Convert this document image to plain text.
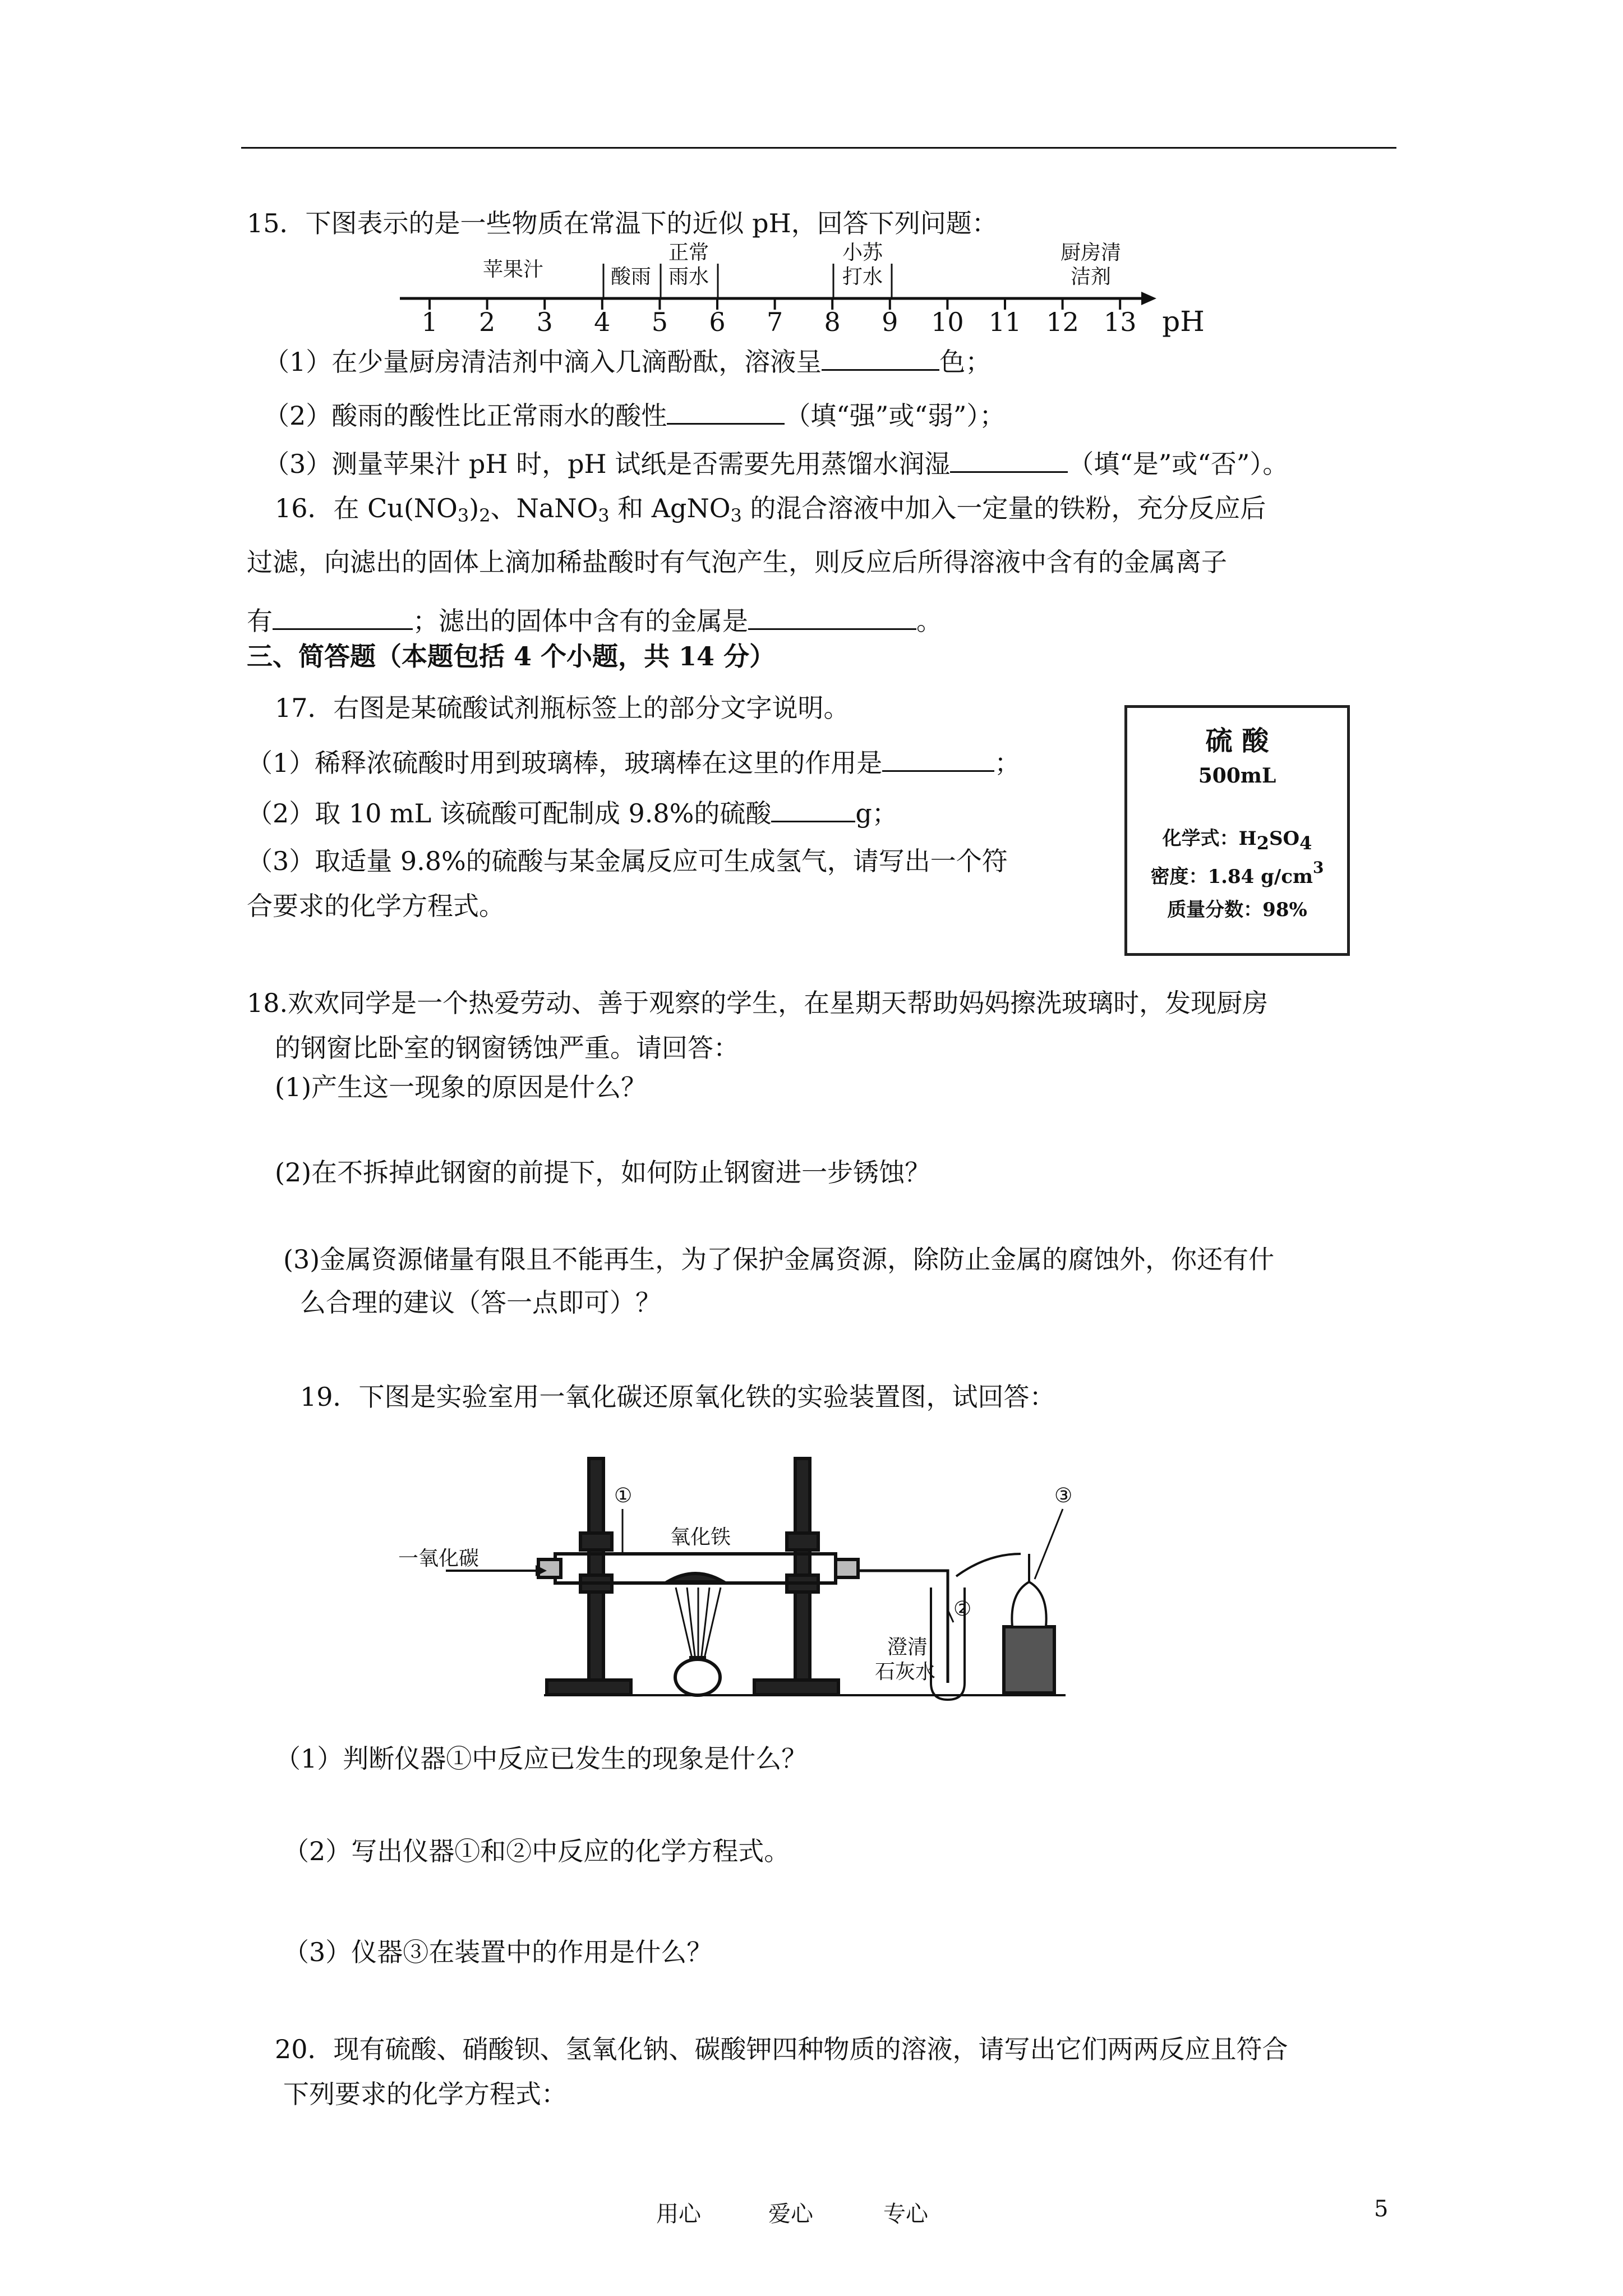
15．下图表示的是一些物质在常温下的近似 pH，回答下列问题：
苹果汁	酸雨
正常
雨水
小苏
打水
厨房清
洁剂
1 2 3 4 5 6 7 8 9 10 11 12 13 pH
（1）在少量厨房清洁剂中滴入几滴酚酞，溶液呈	色；
（2）酸雨的酸性比正常雨水的酸性	（填“强”或“弱”）；
（3）测量苹果汁 pH 时，pH 试纸是否需要先用蒸馏水润湿	（填“是”或“否”）。
16．在 $Cu(NO_3)_2$、NaNO$_3$ 和 AgNO$_3$ 的混合溶液中加入一定量的铁粉，充分反应后
过滤，向滤出的固体上滴加稀盐酸时有气泡产生，则反应后所得溶液中含有的金属离子
有	；滤出的固体中含有的金属是	。
三、简答题（本题包括 4 个小题，共 14 分）
17．右图是某硫酸试剂瓶标签上的部分文字说明。
（1）稀释浓硫酸时用到玻璃棒，玻璃棒在这里的作用是	；
（2）取 10 mL 该硫酸可配制成 9.8%的硫酸	g；
（3）取适量 9.8%的硫酸与某金属反应可生成氢气，请写出一个符
合要求的化学方程式。
硫 酸
500mL
化学式：$H_2SO_4$
密度：1.84 $g/cm^3$
质量分数：98%
18.欢欢同学是一个热爱劳动、善于观察的学生，在星期天帮助妈妈擦洗玻璃时，发现厨房
的钢窗比卧室的钢窗锈蚀严重。请回答：
(1)产生这一现象的原因是什么？
(2)在不拆掉此钢窗的前提下，如何防止钢窗进一步锈蚀？
(3)金属资源储量有限且不能再生，为了保护金属资源，除防止金属的腐蚀外，你还有什
么合理的建议（答一点即可）？
19．下图是实验室用一氧化碳还原氧化铁的实验装置图，试回答：
一氧化碳
氧化铁
①	③
②
澄清
石灰水
（1）判断仪器①中反应已发生的现象是什么？
（2）写出仪器①和②中反应的化学方程式。
（3）仪器③在装置中的作用是什么？
20．现有硫酸、硝酸钡、氢氧化钠、碳酸钾四种物质的溶液，请写出它们两两反应且符合
下列要求的化学方程式：
用心	爱心	专心	5
